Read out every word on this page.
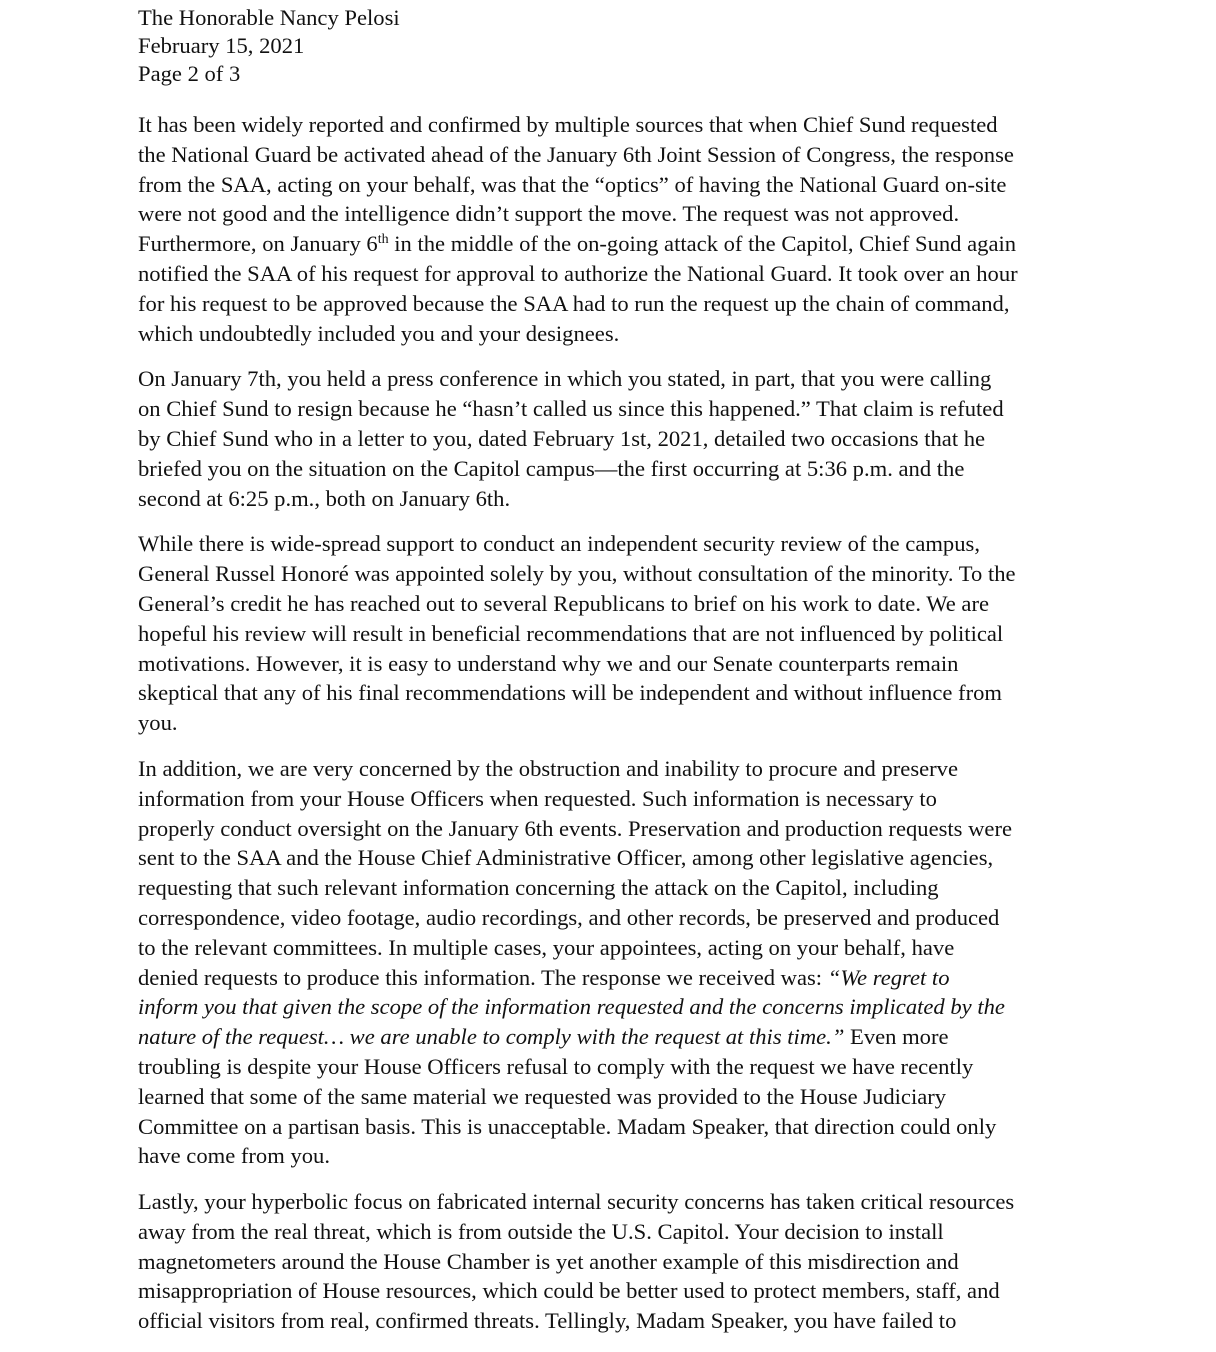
The Honorable Nancy Pelosi
February 15, 2021
Page 2 of 3

It has been widely reported and confirmed by multiple sources that when Chief Sund requested
the National Guard be activated ahead of the January 6th Joint Session of Congress, the response
from the SAA, acting on your behalf, was that the “optics” of having the National Guard on-site
were not good and the intelligence didn’t support the move. The request was not approved.
Furthermore, on January 6th in the middle of the on-going attack of the Capitol, Chief Sund again
notified the SAA of his request for approval to authorize the National Guard. It took over an hour
for his request to be approved because the SAA had to run the request up the chain of command,
which undoubtedly included you and your designees.

On January 7th, you held a press conference in which you stated, in part, that you were calling
on Chief Sund to resign because he “hasn’t called us since this happened.” That claim is refuted
by Chief Sund who in a letter to you, dated February 1st, 2021, detailed two occasions that he
briefed you on the situation on the Capitol campus—the first occurring at 5:36 p.m. and the
second at 6:25 p.m., both on January 6th.

While there is wide-spread support to conduct an independent security review of the campus,
General Russel Honoré was appointed solely by you, without consultation of the minority. To the
General’s credit he has reached out to several Republicans to brief on his work to date. We are
hopeful his review will result in beneficial recommendations that are not influenced by political
motivations. However, it is easy to understand why we and our Senate counterparts remain
skeptical that any of his final recommendations will be independent and without influence from
you.

In addition, we are very concerned by the obstruction and inability to procure and preserve
information from your House Officers when requested. Such information is necessary to
properly conduct oversight on the January 6th events. Preservation and production requests were
sent to the SAA and the House Chief Administrative Officer, among other legislative agencies,
requesting that such relevant information concerning the attack on the Capitol, including
correspondence, video footage, audio recordings, and other records, be preserved and produced
to the relevant committees. In multiple cases, your appointees, acting on your behalf, have
denied requests to produce this information. The response we received was: “We regret to
inform you that given the scope of the information requested and the concerns implicated by the
nature of the request… we are unable to comply with the request at this time.” Even more
troubling is despite your House Officers refusal to comply with the request we have recently
learned that some of the same material we requested was provided to the House Judiciary
Committee on a partisan basis. This is unacceptable. Madam Speaker, that direction could only
have come from you.

Lastly, your hyperbolic focus on fabricated internal security concerns has taken critical resources
away from the real threat, which is from outside the U.S. Capitol. Your decision to install
magnetometers around the House Chamber is yet another example of this misdirection and
misappropriation of House resources, which could be better used to protect members, staff, and
official visitors from real, confirmed threats. Tellingly, Madam Speaker, you have failed to
